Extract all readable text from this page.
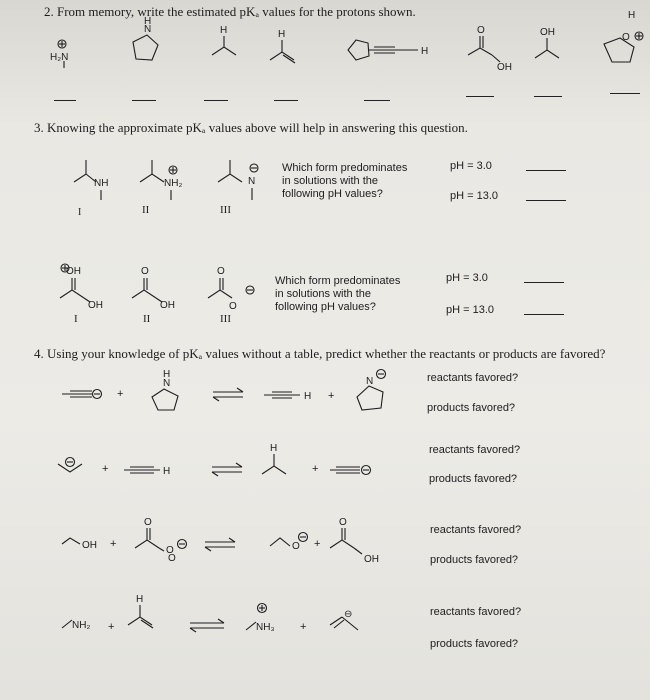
2. From memory, write the estimated pKₐ values for the protons shown.
H₂N
N
H
H	H
H
O
OH
OH
H
O
NH
I
NH₂	N
OH
OH
O
OH
O
O
N
H
H
N
H
H
OH
O
O
O
O
O
OH
NH₂
H
NH₃
⊖
3. Knowing the approximate pKₐ values above will help in answering this question.
II	III
Which form predominates
in solutions with the
following pH values?
pH = 3.0
pH = 13.0
I	II	III
Which form predominates
in solutions with the
following pH values?
pH = 3.0
pH = 13.0
4. Using your knowledge of pKₐ values without a table, predict whether the reactants or products are favored?
+	+
reactants favored?
products favored?
+	+
reactants favored?
products favored?
+	+
reactants favored?
products favored?
+	+
reactants favored?
products favored?
